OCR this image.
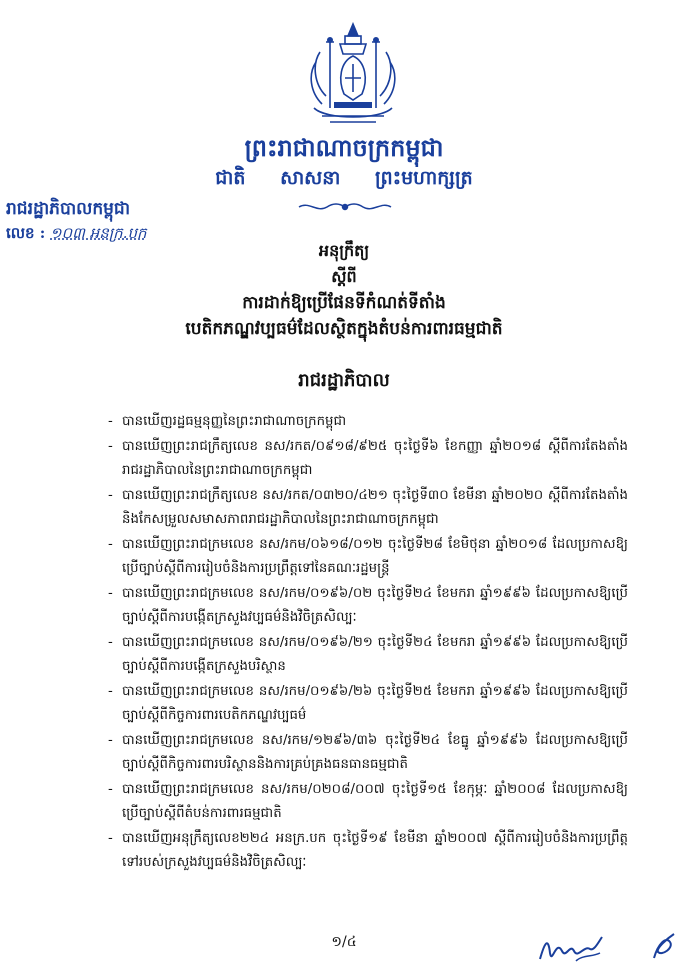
ព្រះរាជាណាចក្រកម្ពុជា
ជាតិ សាសនា ព្រះមហាក្សត្រ
រាជរដ្ឋាភិបាលកម្ពុជា
លេខ : ១០៣ អនក្រ.បក
អនុក្រឹត្យ
ស្តីពី
ការដាក់ឱ្យប្រើផែនទីកំណត់ទីតាំង
បេតិកភណ្ឌវប្បធម៌ដែលស្ថិតក្នុងតំបន់ការពារធម្មជាតិ
រាជរដ្ឋាភិបាល
- បានឃើញរដ្ឋធម្មនុញ្ញនៃព្រះរាជាណាចក្រកម្ពុជា
- បានឃើញព្រះរាជក្រឹត្យលេខ នស/រកត/០៩១៨/៩២៥ ចុះថ្ងៃទី៦ ខែកញ្ញា ឆ្នាំ២០១៨ ស្តីពីការតែងតាំងរាជរដ្ឋាភិបាលនៃព្រះរាជាណាចក្រកម្ពុជា
- បានឃើញព្រះរាជក្រឹត្យលេខ នស/រកត/០៣២០/៤២១ ចុះថ្ងៃទី៣០ ខែមីនា ឆ្នាំ២០២០ ស្តីពីការតែងតាំងនិងកែសម្រួលសមាសភាពរាជរដ្ឋាភិបាលនៃព្រះរាជាណាចក្រកម្ពុជា
- បានឃើញព្រះរាជក្រមលេខ នស/រកម/០៦១៨/០១២ ចុះថ្ងៃទី២៨ ខែមិថុនា ឆ្នាំ២០១៨ ដែលប្រកាសឱ្យប្រើច្បាប់ស្តីពីការរៀបចំនិងការប្រព្រឹត្តទៅនៃគណៈរដ្ឋមន្ត្រី
- បានឃើញព្រះរាជក្រមលេខ នស/រកម/០១៩៦/០២ ចុះថ្ងៃទី២៤ ខែមករា ឆ្នាំ១៩៩៦ ដែលប្រកាសឱ្យប្រើច្បាប់ស្តីពីការបង្កើតក្រសួងវប្បធម៌និងវិចិត្រសិល្បៈ
- បានឃើញព្រះរាជក្រមលេខ នស/រកម/០១៩៦/២១ ចុះថ្ងៃទី២៤ ខែមករា ឆ្នាំ១៩៩៦ ដែលប្រកាសឱ្យប្រើច្បាប់ស្តីពីការបង្កើតក្រសួងបរិស្ថាន
- បានឃើញព្រះរាជក្រមលេខ នស/រកម/០១៩៦/២៦ ចុះថ្ងៃទី២៥ ខែមករា ឆ្នាំ១៩៩៦ ដែលប្រកាសឱ្យប្រើច្បាប់ស្តីពីកិច្ចការពារបេតិកភណ្ឌវប្បធម៌
- បានឃើញព្រះរាជក្រមលេខ នស/រកម/១២៩៦/៣៦ ចុះថ្ងៃទី២៤ ខែធ្នូ ឆ្នាំ១៩៩៦ ដែលប្រកាសឱ្យប្រើច្បាប់ស្តីពីកិច្ចការពារបរិស្ថាននិងការគ្រប់គ្រងធនធានធម្មជាតិ
- បានឃើញព្រះរាជក្រមលេខ នស/រកម/០២០៨/០០៧ ចុះថ្ងៃទី១៥ ខែកុម្ភៈ ឆ្នាំ២០០៨ ដែលប្រកាសឱ្យប្រើច្បាប់ស្តីពីតំបន់ការពារធម្មជាតិ
- បានឃើញអនុក្រឹត្យលេខ២២៤ អនក្រ.បក ចុះថ្ងៃទី១៩ ខែមីនា ឆ្នាំ២០០៧ ស្តីពីការរៀបចំនិងការប្រព្រឹត្តទៅរបស់ក្រសួងវប្បធម៌និងវិចិត្រសិល្បៈ
១/៤
